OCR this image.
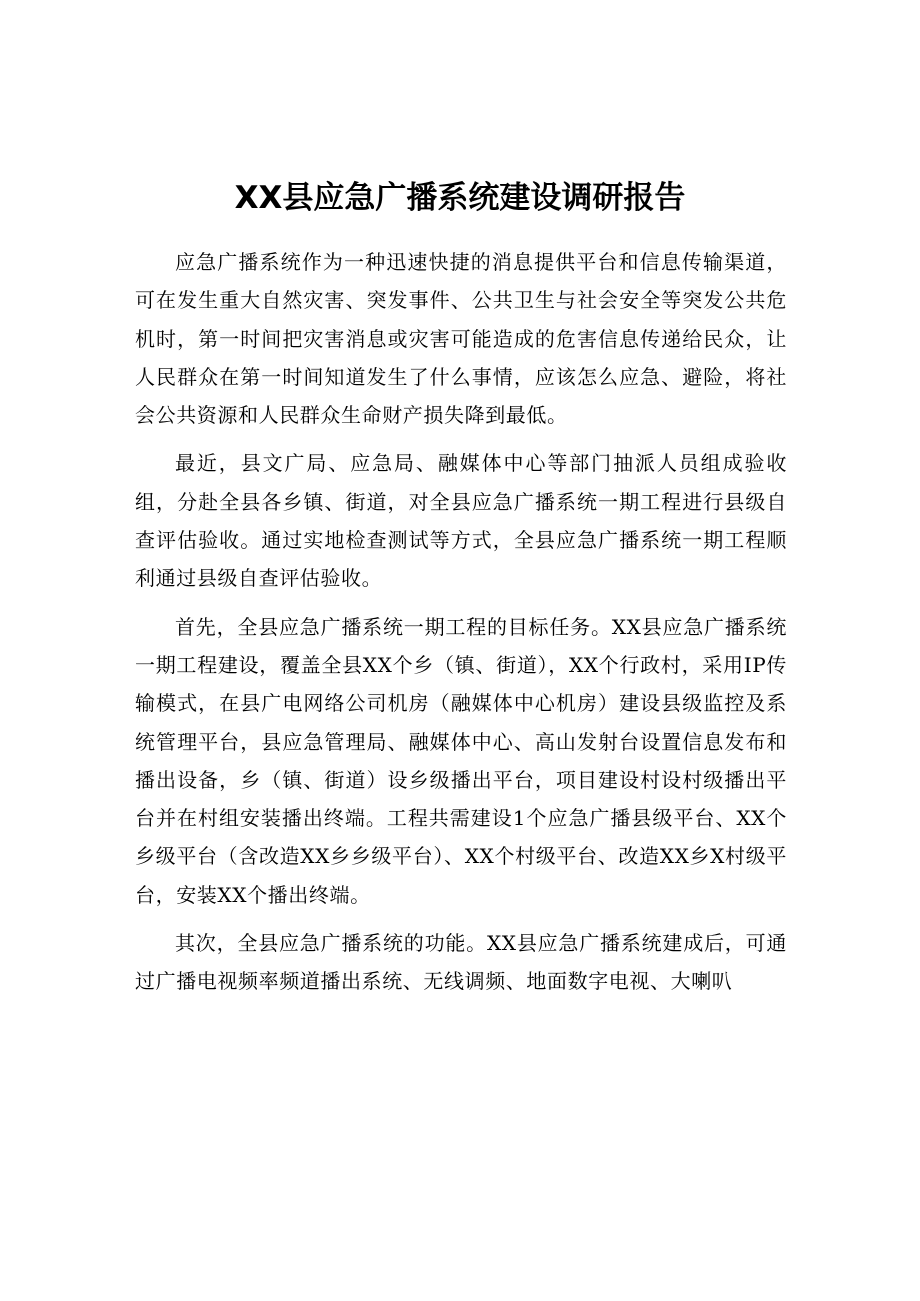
XX县应急广播系统建设调研报告

应急广播系统作为一种迅速快捷的消息提供平台和信息传输渠道，可在发生重大自然灾害、突发事件、公共卫生与社会安全等突发公共危机时，第一时间把灾害消息或灾害可能造成的危害信息传递给民众，让人民群众在第一时间知道发生了什么事情，应该怎么应急、避险，将社会公共资源和人民群众生命财产损失降到最低。

最近，县文广局、应急局、融媒体中心等部门抽派人员组成验收组，分赴全县各乡镇、街道，对全县应急广播系统一期工程进行县级自查评估验收。通过实地检查测试等方式，全县应急广播系统一期工程顺利通过县级自查评估验收。

首先，全县应急广播系统一期工程的目标任务。XX县应急广播系统一期工程建设，覆盖全县XX个乡（镇、街道），XX个行政村，采用IP传输模式，在县广电网络公司机房（融媒体中心机房）建设县级监控及系统管理平台，县应急管理局、融媒体中心、高山发射台设置信息发布和播出设备，乡（镇、街道）设乡级播出平台，项目建设村设村级播出平台并在村组安装播出终端。工程共需建设1个应急广播县级平台、XX个乡级平台（含改造XX乡乡级平台）、XX个村级平台、改造XX乡X村级平台，安装XX个播出终端。

其次，全县应急广播系统的功能。XX县应急广播系统建成后，可通过广播电视频率频道播出系统、无线调频、地面数字电视、大喇叭
